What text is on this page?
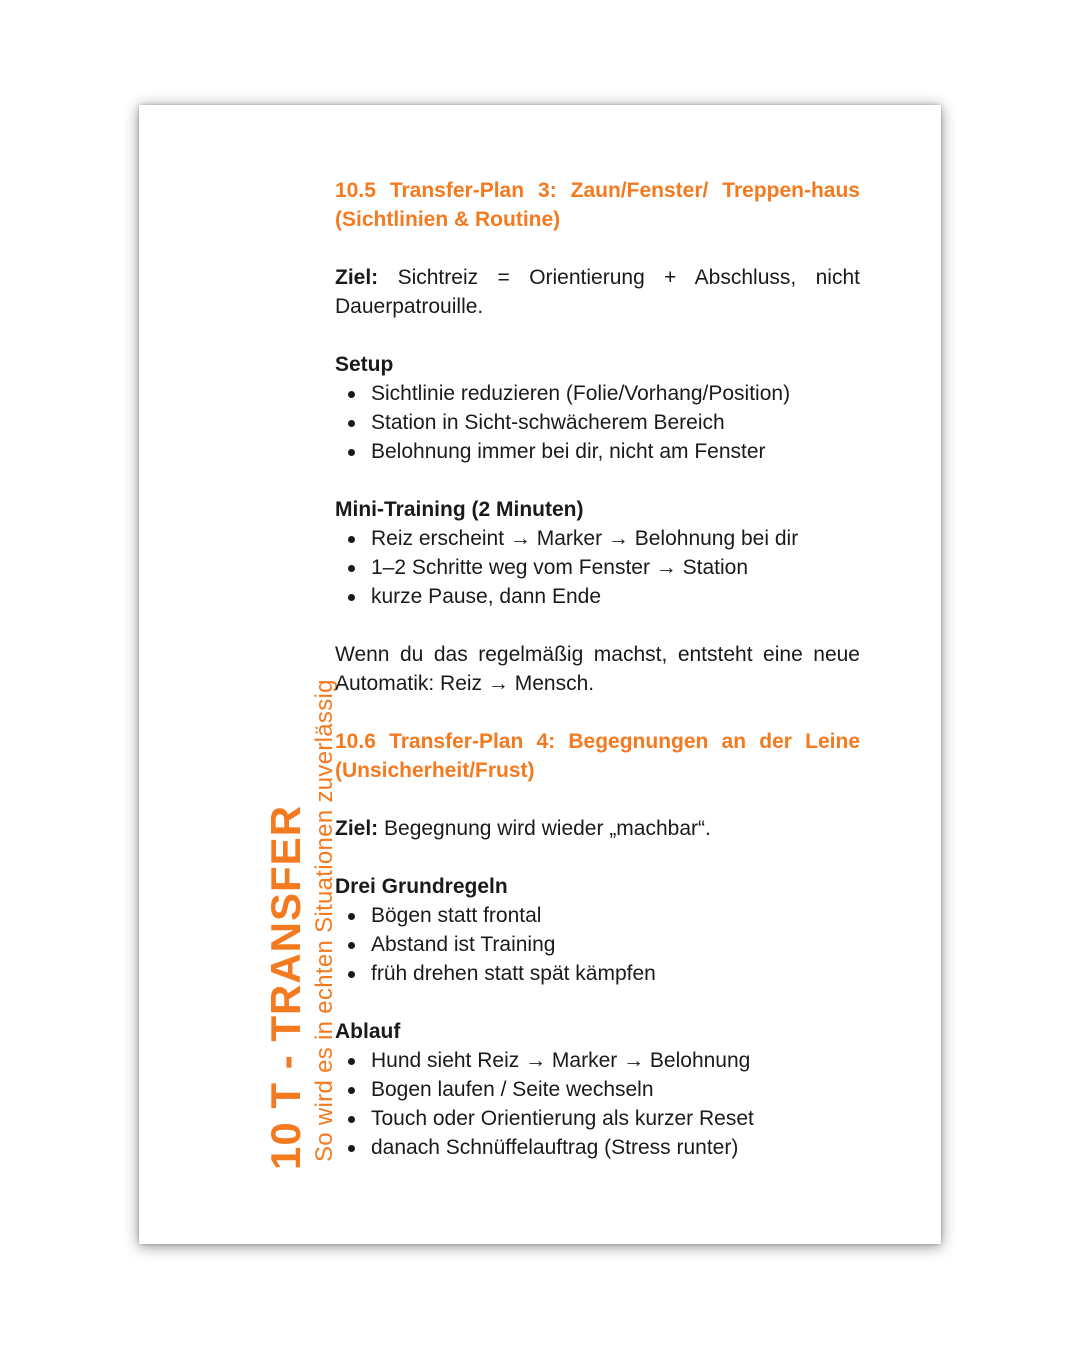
10 T - TRANSFER So wird es in echten Situationen zuverlässig

10.5 Transfer-Plan 3: Zaun/Fenster/ Treppen-haus (Sichtlinien & Routine)

Ziel: Sichtreiz = Orientierung + Abschluss, nicht Dauerpatrouille.

Setup

Sichtlinie reduzieren (Folie/Vorhang/Position)
Station in Sicht-schwächerem Bereich
Belohnung immer bei dir, nicht am Fenster

Mini-Training (2 Minuten)

Reiz erscheint → Marker → Belohnung bei dir
1–2 Schritte weg vom Fenster → Station
kurze Pause, dann Ende

Wenn du das regelmäßig machst, entsteht eine neue Automatik: Reiz → Mensch.

10.6 Transfer-Plan 4: Begegnungen an der Leine (Unsicherheit/Frust)

Ziel: Begegnung wird wieder „machbar“.

Drei Grundregeln

Bögen statt frontal
Abstand ist Training
früh drehen statt spät kämpfen

Ablauf

Hund sieht Reiz → Marker → Belohnung
Bogen laufen / Seite wechseln
Touch oder Orientierung als kurzer Reset
danach Schnüffelauftrag (Stress runter)
